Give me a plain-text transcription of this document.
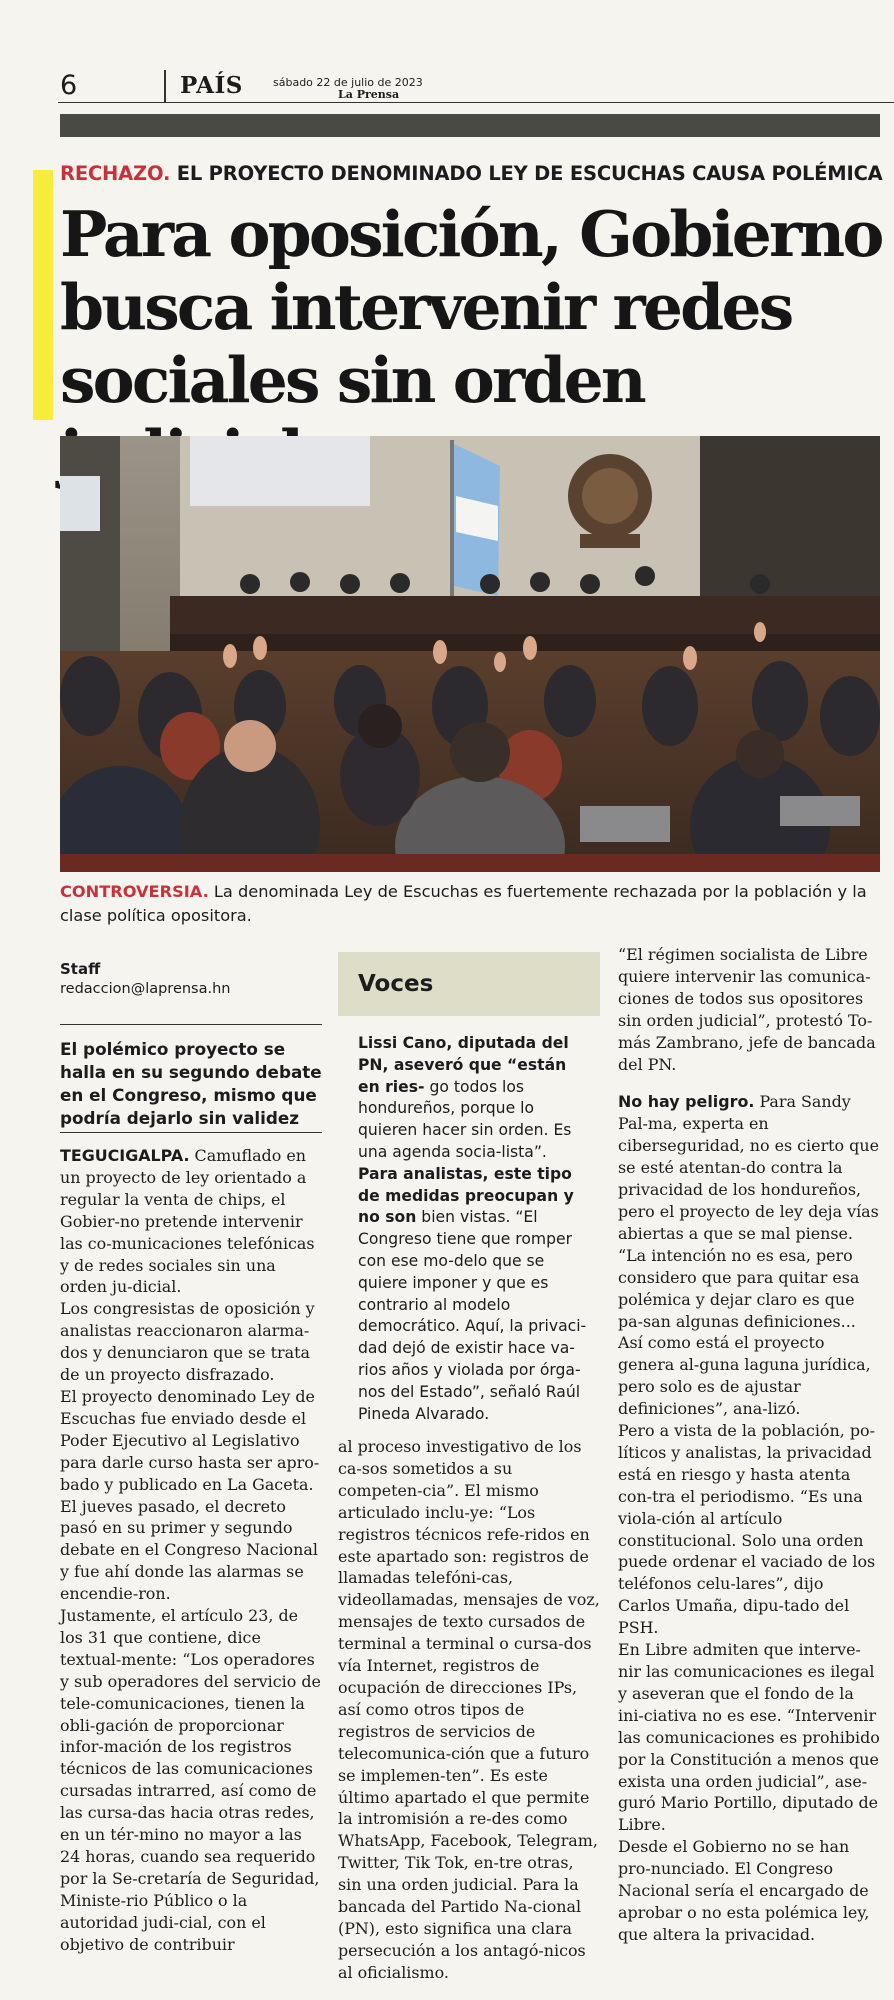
6	PAÍS	sábado 22 de julio de 2023
La Prensa
RECHAZO. EL PROYECTO DENOMINADO LEY DE ESCUCHAS CAUSA POLÉMICA
Para oposición, Gobierno
busca intervenir redes
sociales sin orden
CONTROVERSIA. La denominada Ley de Escuchas es fuertemente rechazada por la población y la clase política opositora.
Staff
redaccion@laprensa.hn
El polémico proyecto se halla en su segundo debate en el Congreso, mismo que podría dejarlo sin validez

TEGUCIGALPA. Camuflado en un proyecto de ley orientado a regular la venta de chips, el Gobier-no pretende intervenir las co-municaciones telefónicas y de redes sociales sin una orden ju-dicial.

Los congresistas de oposición y analistas reaccionaron alarma-dos y denunciaron que se trata de un proyecto disfrazado.

El proyecto denominado Ley de Escuchas fue enviado desde el Poder Ejecutivo al Legislativo para darle curso hasta ser apro-bado y publicado en La Gaceta.

El jueves pasado, el decreto pasó en su primer y segundo debate en el Congreso Nacional y fue ahí donde las alarmas se encendie-ron.

Justamente, el artículo 23, de los 31 que contiene, dice textual-mente: “Los operadores y sub operadores del servicio de tele-comunicaciones, tienen la obli-gación de proporcionar infor-mación de los registros técnicos de las comunicaciones cursadas intrarred, así como de las cursa-das hacia otras redes, en un tér-mino no mayor a las 24 horas, cuando sea requerido por la Se-cretaría de Seguridad, Ministe-rio Público o la autoridad judi-cial, con el objetivo de contribuir

Voces

Lissi Cano, diputada del PN, aseveró que “están en ries- go todos los hondureños, porque lo quieren hacer sin orden. Es una agenda socia-lista”.

Para analistas, este tipo de medidas preocupan y no son bien vistas. “El Congreso tiene que romper con ese mo-delo que se quiere imponer y que es contrario al modelo democrático. Aquí, la privaci-dad dejó de existir hace va-rios años y violada por órga-nos del Estado”, señaló Raúl Pineda Alvarado.

al proceso investigativo de los ca-sos sometidos a su competen-cia”. El mismo articulado inclu-ye: “Los registros técnicos refe-ridos en este apartado son: registros de llamadas telefóni-cas, videollamadas, mensajes de voz, mensajes de texto cursados de terminal a terminal o cursa-dos vía Internet, registros de ocupación de direcciones IPs, así como otros tipos de registros de servicios de telecomunica-ción que a futuro se implemen-ten”. Es este último apartado el que permite la intromisión a re-des como WhatsApp, Facebook, Telegram, Twitter, Tik Tok, en-tre otras, sin una orden judicial. Para la bancada del Partido Na-cional (PN), esto significa una clara persecución a los antagó-nicos al oficialismo.

“El régimen socialista de Libre quiere intervenir las comunica-ciones de todos sus opositores sin orden judicial”, protestó To-más Zambrano, jefe de bancada del PN.

No hay peligro. Para Sandy Pal-ma, experta en ciberseguridad, no es cierto que se esté atentan-do contra la privacidad de los hondureños, pero el proyecto de ley deja vías abiertas a que se mal piense.

“La intención no es esa, pero considero que para quitar esa polémica y dejar claro es que pa-san algunas definiciones... Así como está el proyecto genera al-guna laguna jurídica, pero solo es de ajustar definiciones”, ana-lizó.

Pero a vista de la población, po-líticos y analistas, la privacidad está en riesgo y hasta atenta con-tra el periodismo. “Es una viola-ción al artículo constitucional. Solo una orden puede ordenar el vaciado de los teléfonos celu-lares”, dijo Carlos Umaña, dipu-tado del PSH.

En Libre admiten que interve-nir las comunicaciones es ilegal y aseveran que el fondo de la ini-ciativa no es ese. “Intervenir las comunicaciones es prohibido por la Constitución a menos que exista una orden judicial”, ase-guró Mario Portillo, diputado de Libre.

Desde el Gobierno no se han pro-nunciado. El Congreso Nacional sería el encargado de aprobar o no esta polémica ley, que altera la privacidad.
